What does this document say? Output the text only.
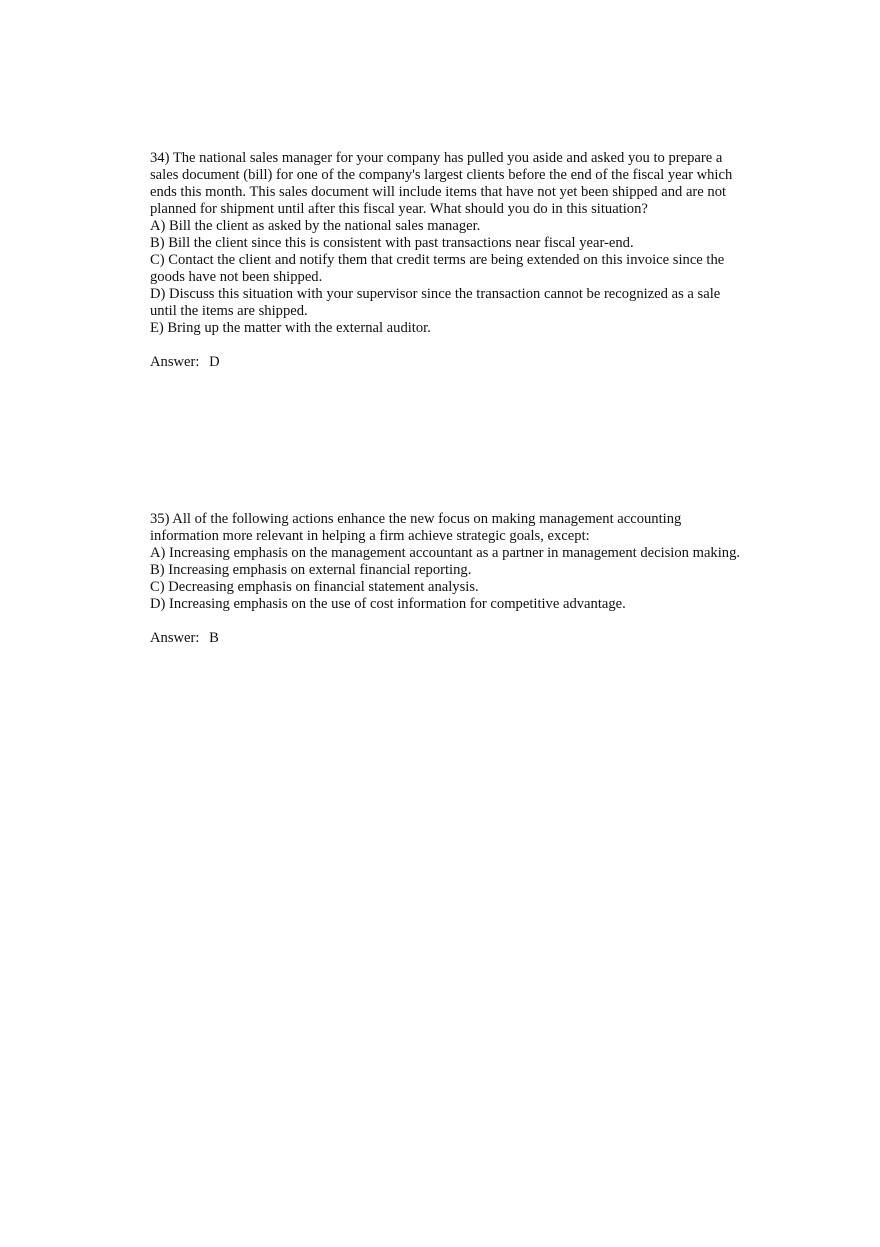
34) The national sales manager for your company has pulled you aside and asked you to prepare a sales document (bill) for one of the company's largest clients before the end of the fiscal year which ends this month. This sales document will include items that have not yet been shipped and are not planned for shipment until after this fiscal year. What should you do in this situation?

A) Bill the client as asked by the national sales manager.

B) Bill the client since this is consistent with past transactions near fiscal year-end.

C) Contact the client and notify them that credit terms are being extended on this invoice since the goods have not been shipped.

D) Discuss this situation with your supervisor since the transaction cannot be recognized as a sale until the items are shipped.

E) Bring up the matter with the external auditor.

Answer: D

35) All of the following actions enhance the new focus on making management accounting information more relevant in helping a firm achieve strategic goals, except:

A) Increasing emphasis on the management accountant as a partner in management decision making.

B) Increasing emphasis on external financial reporting.

C) Decreasing emphasis on financial statement analysis.

D) Increasing emphasis on the use of cost information for competitive advantage.

Answer: B
